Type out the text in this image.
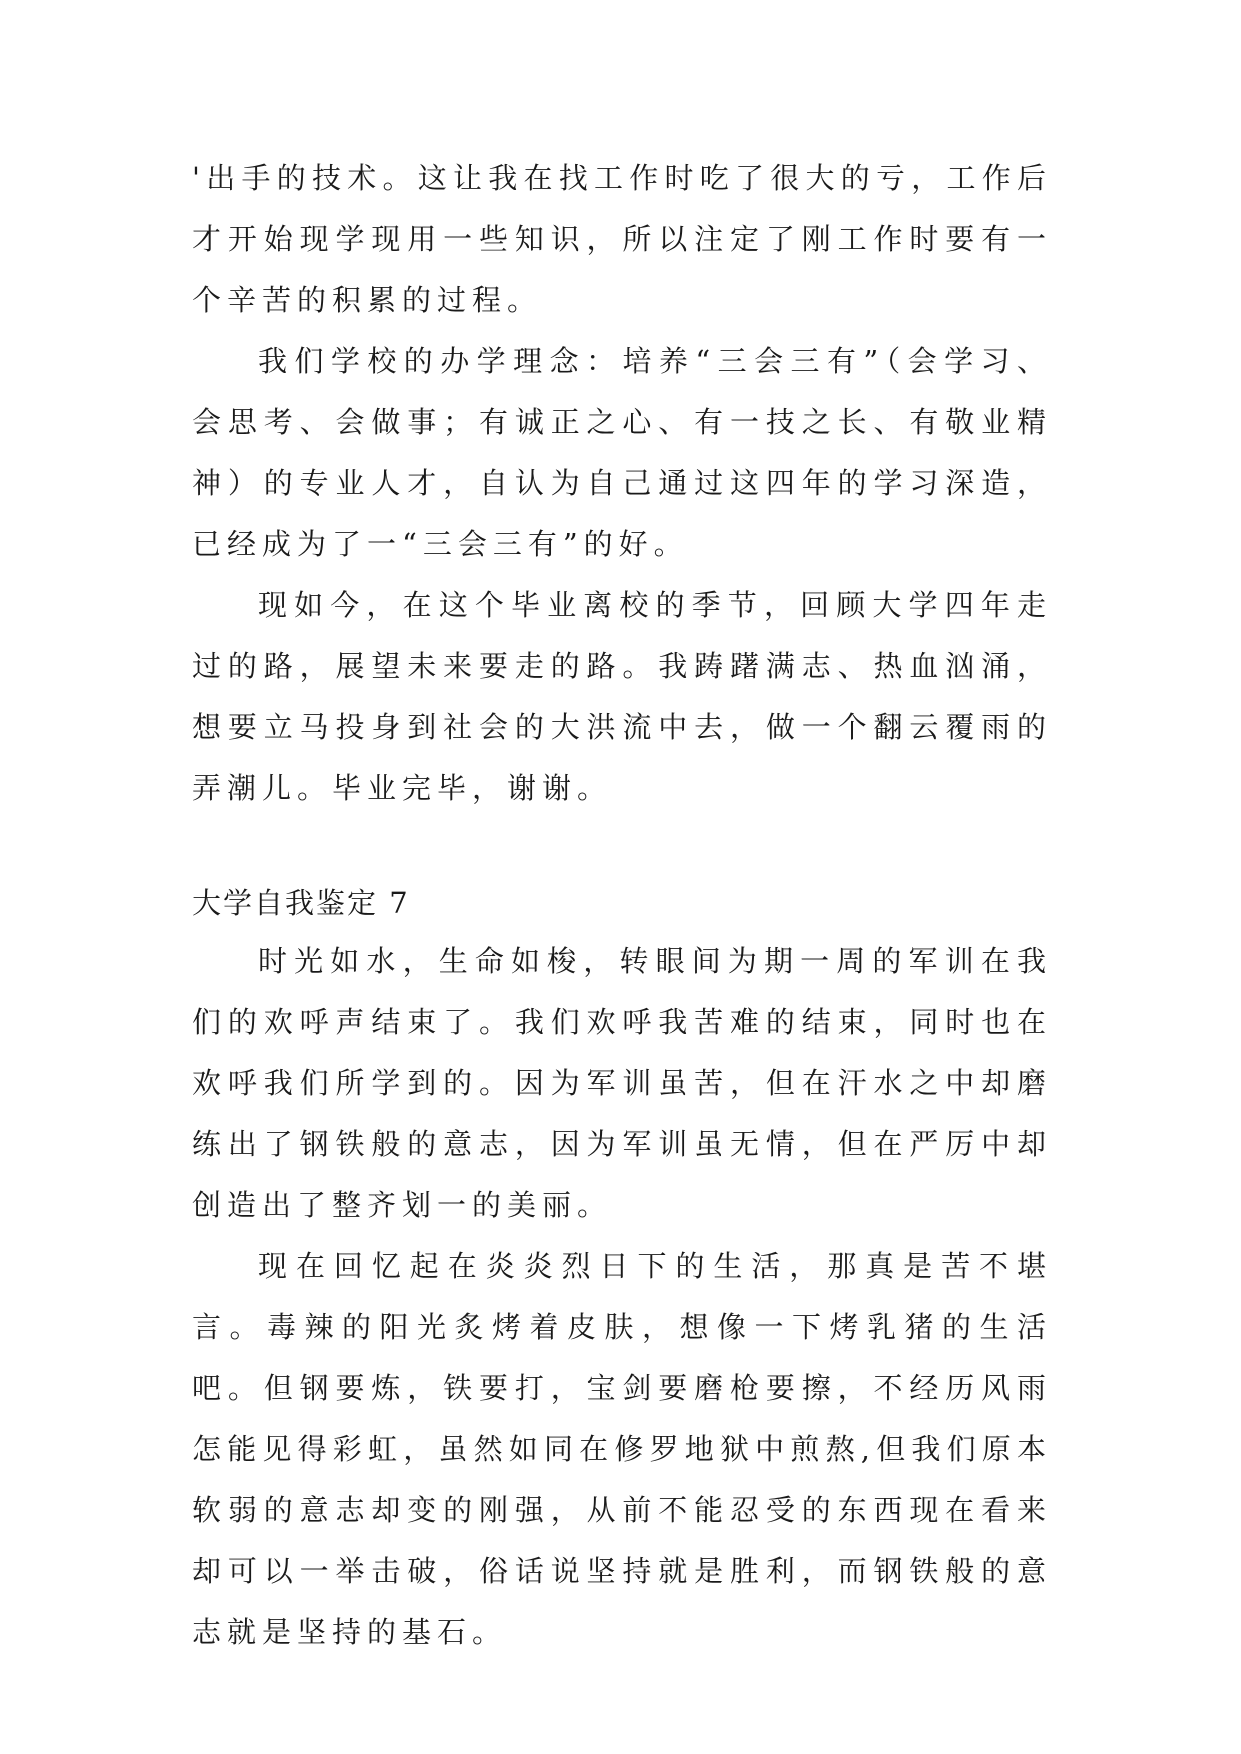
'出手的技术。这让我在找工作时吃了很大的亏，工作后才开始现学现用一些知识，所以注定了刚工作时要有一个辛苦的积累的过程。

我们学校的办学理念：培养“三会三有”（会学习、会思考、会做事；有诚正之心、有一技之长、有敬业精神）的专业人才，自认为自己通过这四年的学习深造，已经成为了一“三会三有”的好。

现如今，在这个毕业离校的季节，回顾大学四年走过的路，展望未来要走的路。我踌躇满志、热血汹涌，想要立马投身到社会的大洪流中去，做一个翻云覆雨的弄潮儿。毕业完毕，谢谢。

大学自我鉴定 7

时光如水，生命如梭，转眼间为期一周的军训在我们的欢呼声结束了。我们欢呼我苦难的结束，同时也在欢呼我们所学到的。因为军训虽苦，但在汗水之中却磨练出了钢铁般的意志，因为军训虽无情，但在严厉中却创造出了整齐划一的美丽。

现在回忆起在炎炎烈日下的生活，那真是苦不堪言。毒辣的阳光炙烤着皮肤，想像一下烤乳猪的生活吧。但钢要炼，铁要打，宝剑要磨枪要擦，不经历风雨怎能见得彩虹，虽然如同在修罗地狱中煎熬,但我们原本软弱的意志却变的刚强，从前不能忍受的东西现在看来却可以一举击破，俗话说坚持就是胜利，而钢铁般的意志就是坚持的基石。
